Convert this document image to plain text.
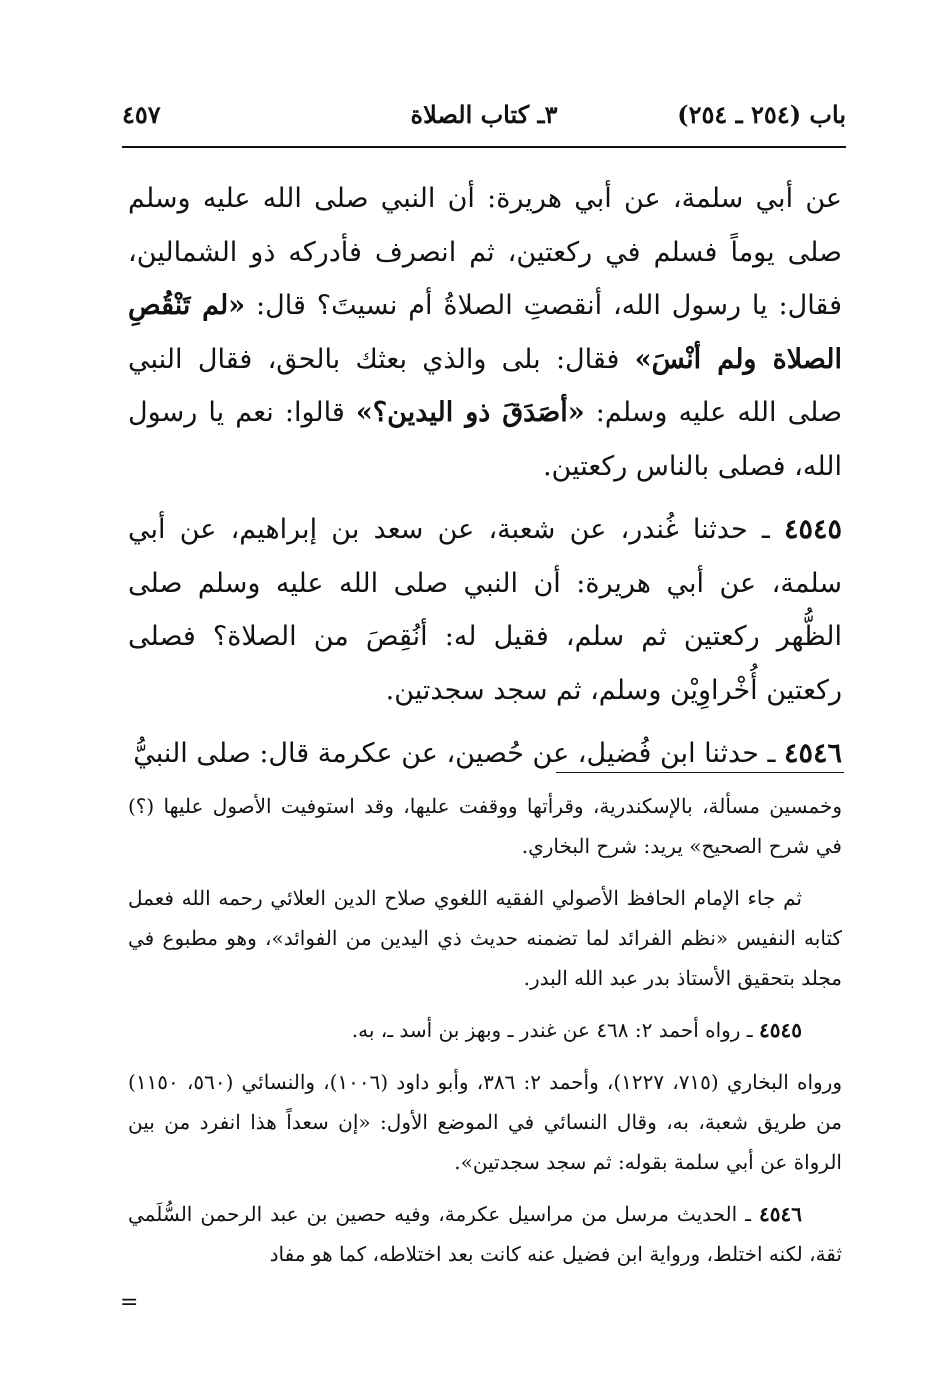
باب (٢٥٤ ـ ٢٥٤)
٣ـ كتاب الصلاة
٤٥٧

عن أبي سلمة، عن أبي هريرة: أن النبي صلى الله عليه وسلم صلى يوماً فسلم في ركعتين، ثم انصرف فأدركه ذو الشمالين، فقال: يا رسول الله، أنقصتِ الصلاةُ أم نسيتَ؟ قال: «لم تَنْقُصِ الصلاة ولم أنْسَ» فقال: بلى والذي بعثك بالحق، فقال النبي صلى الله عليه وسلم: «أصَدَقَ ذو اليدين؟» قالوا: نعم يا رسول الله، فصلى بالناس ركعتين.

٤٥٤٥ ـ حدثنا غُندر، عن شعبة، عن سعد بن إبراهيم، عن أبي سلمة، عن أبي هريرة: أن النبي صلى الله عليه وسلم صلى الظُّهر ركعتين ثم سلم، فقيل له: أنُقِصَ من الصلاة؟ فصلى ركعتين أُخْراوِيْن وسلم، ثم سجد سجدتين.

٤٥٤٦ ـ حدثنا ابن فُضيل، عن حُصين، عن عكرمة قال: صلى النبيُّ

وخمسين مسألة، بالإسكندرية، وقرأتها ووقفت عليها، وقد استوفيت الأصول عليها (؟) في شرح الصحيح» يريد: شرح البخاري.

ثم جاء الإمام الحافظ الأصولي الفقيه اللغوي صلاح الدين العلائي رحمه الله فعمل كتابه النفيس «نظم الفرائد لما تضمنه حديث ذي اليدين من الفوائد»، وهو مطبوع في مجلد بتحقيق الأستاذ بدر عبد الله البدر.

٤٥٤٥ ـ رواه أحمد ٢: ٤٦٨ عن غندر ـ وبهز بن أسد ـ، به.

ورواه البخاري (٧١٥، ١٢٢٧)، وأحمد ٢: ٣٨٦، وأبو داود (١٠٠٦)، والنسائي (٥٦٠، ١١٥٠) من طريق شعبة، به، وقال النسائي في الموضع الأول: «إن سعداً هذا انفرد من بين الرواة عن أبي سلمة بقوله: ثم سجد سجدتين».

٤٥٤٦ ـ الحديث مرسل من مراسيل عكرمة، وفيه حصين بن عبد الرحمن السُّلَمي ثقة، لكنه اختلط، ورواية ابن فضيل عنه كانت بعد اختلاطه، كما هو مفاد

=
